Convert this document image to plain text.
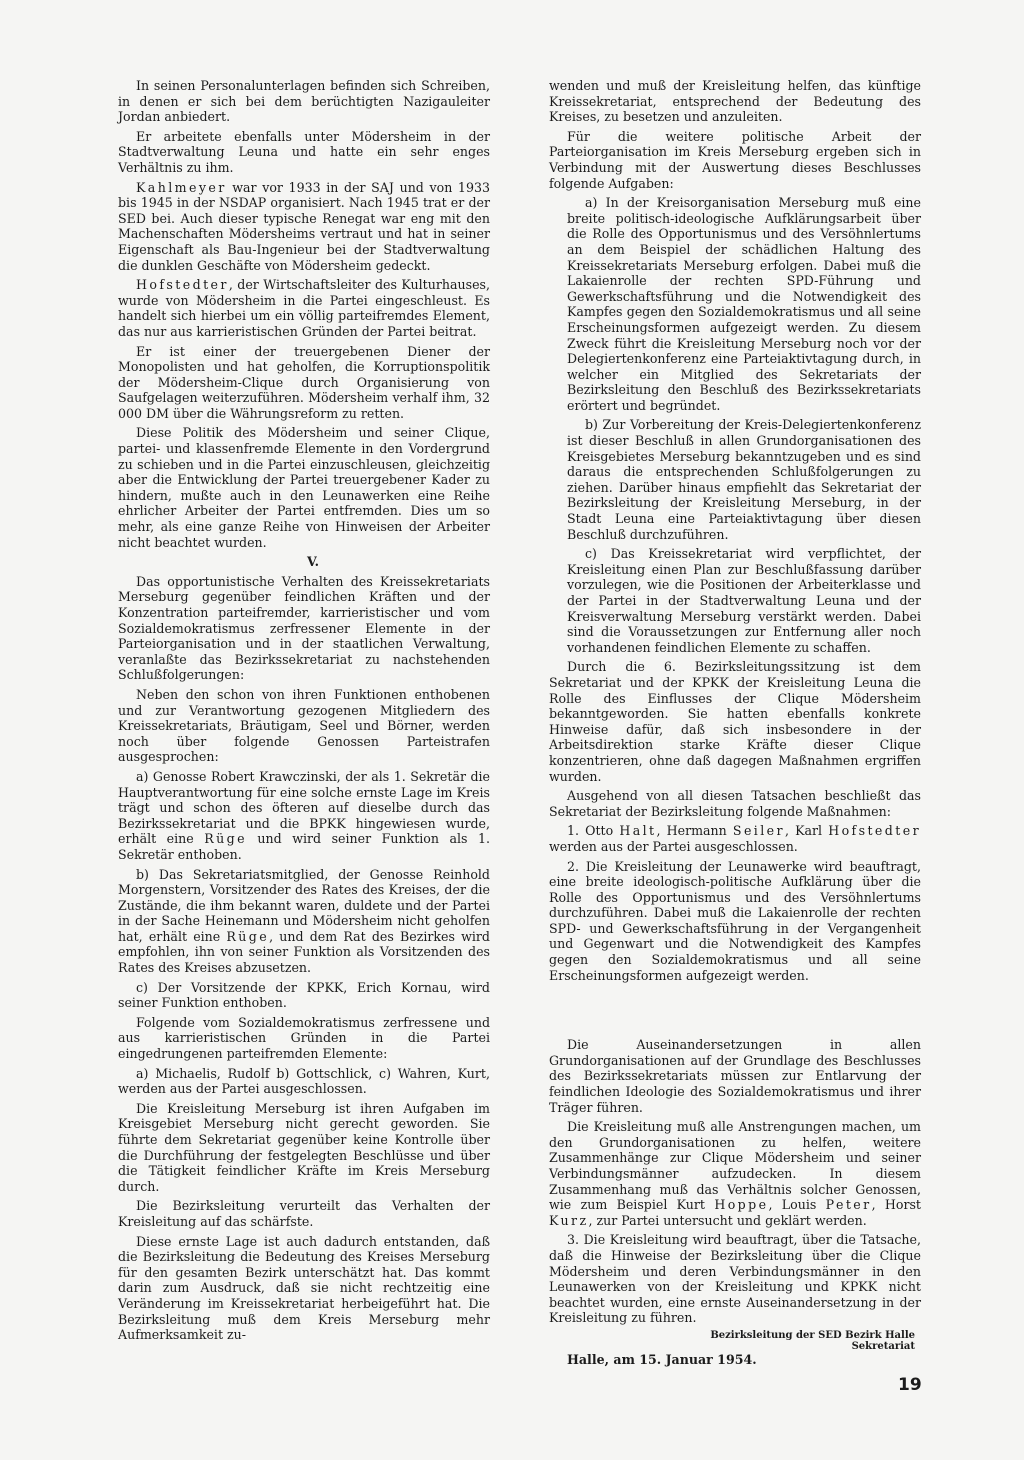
In seinen Personalunterlagen befinden sich Schreiben, in denen er sich bei dem berüchtigten Nazigauleiter Jordan anbiedert.

Er arbeitete ebenfalls unter Mödersheim in der Stadtverwaltung Leuna und hatte ein sehr enges Verhältnis zu ihm.

Kahlmeyer war vor 1933 in der SAJ und von 1933 bis 1945 in der NSDAP organisiert. Nach 1945 trat er der SED bei. Auch dieser typische Renegat war eng mit den Machenschaften Mödersheims vertraut und hat in seiner Eigenschaft als Bau-Ingenieur bei der Stadtverwaltung die dunklen Geschäfte von Mödersheim gedeckt.

Hofstedter, der Wirtschaftsleiter des Kulturhauses, wurde von Mödersheim in die Partei eingeschleust. Es handelt sich hierbei um ein völlig parteifremdes Element, das nur aus karrieristischen Gründen der Partei beitrat.

Er ist einer der treuergebenen Diener der Monopolisten und hat geholfen, die Korruptionspolitik der Mödersheim-Clique durch Organisierung von Saufgelagen weiterzuführen. Mödersheim verhalf ihm, 32 000 DM über die Währungsreform zu retten.

Diese Politik des Mödersheim und seiner Clique, partei- und klassenfremde Elemente in den Vordergrund zu schieben und in die Partei einzuschleusen, gleichzeitig aber die Entwicklung der Partei treuergebener Kader zu hindern, mußte auch in den Leunawerken eine Reihe ehrlicher Arbeiter der Partei entfremden. Dies um so mehr, als eine ganze Reihe von Hinweisen der Arbeiter nicht beachtet wurden.

V.

Das opportunistische Verhalten des Kreissekretariats Merseburg gegenüber feindlichen Kräften und der Konzentration parteifremder, karrieristischer und vom Sozialdemokratismus zerfressener Elemente in der Parteiorganisation und in der staatlichen Verwaltung, veranlaßte das Bezirkssekretariat zu nachstehenden Schlußfolgerungen:

Neben den schon von ihren Funktionen enthobenen und zur Verantwortung gezogenen Mitgliedern des Kreissekretariats, Bräutigam, Seel und Börner, werden noch über folgende Genossen Parteistrafen ausgesprochen:

a) Genosse Robert Krawczinski, der als 1. Sekretär die Hauptverantwortung für eine solche ernste Lage im Kreis trägt und schon des öfteren auf dieselbe durch das Bezirkssekretariat und die BPKK hingewiesen wurde, erhält eine Rüge und wird seiner Funktion als 1. Sekretär enthoben.

b) Das Sekretariatsmitglied, der Genosse Reinhold Morgenstern, Vorsitzender des Rates des Kreises, der die Zustände, die ihm bekannt waren, duldete und der Partei in der Sache Heinemann und Mödersheim nicht geholfen hat, erhält eine Rüge, und dem Rat des Bezirkes wird empfohlen, ihn von seiner Funktion als Vorsitzenden des Rates des Kreises abzusetzen.

c) Der Vorsitzende der KPKK, Erich Kornau, wird seiner Funktion enthoben.

Folgende vom Sozialdemokratismus zerfressene und aus karrieristischen Gründen in die Partei eingedrungenen parteifremden Elemente:

a) Michaelis, Rudolf b) Gottschlick, c) Wahren, Kurt, werden aus der Partei ausgeschlossen.

Die Kreisleitung Merseburg ist ihren Aufgaben im Kreisgebiet Merseburg nicht gerecht geworden. Sie führte dem Sekretariat gegenüber keine Kontrolle über die Durchführung der festgelegten Beschlüsse und über die Tätigkeit feindlicher Kräfte im Kreis Merseburg durch.

Die Bezirksleitung verurteilt das Verhalten der Kreisleitung auf das schärfste.

Diese ernste Lage ist auch dadurch entstanden, daß die Bezirksleitung die Bedeutung des Kreises Merseburg für den gesamten Bezirk unterschätzt hat. Das kommt darin zum Ausdruck, daß sie nicht rechtzeitig eine Veränderung im Kreissekretariat herbeigeführt hat. Die Bezirksleitung muß dem Kreis Merseburg mehr Aufmerksamkeit zu-

wenden und muß der Kreisleitung helfen, das künftige Kreissekretariat, entsprechend der Bedeutung des Kreises, zu besetzen und anzuleiten.

Für die weitere politische Arbeit der Parteiorganisation im Kreis Merseburg ergeben sich in Verbindung mit der Auswertung dieses Beschlusses folgende Aufgaben:

a) In der Kreisorganisation Merseburg muß eine breite politisch-ideologische Aufklärungsarbeit über die Rolle des Opportunismus und des Versöhnlertums an dem Beispiel der schädlichen Haltung des Kreissekretariats Merseburg erfolgen. Dabei muß die Lakaienrolle der rechten SPD-Führung und Gewerkschaftsführung und die Notwendigkeit des Kampfes gegen den Sozialdemokratismus und all seine Erscheinungsformen aufgezeigt werden. Zu diesem Zweck führt die Kreisleitung Merseburg noch vor der Delegiertenkonferenz eine Parteiaktivtagung durch, in welcher ein Mitglied des Sekretariats der Bezirksleitung den Beschluß des Bezirkssekretariats erörtert und begründet.

b) Zur Vorbereitung der Kreis-Delegiertenkonferenz ist dieser Beschluß in allen Grundorganisationen des Kreisgebietes Merseburg bekanntzugeben und es sind daraus die entsprechenden Schlußfolgerungen zu ziehen. Darüber hinaus empfiehlt das Sekretariat der Bezirksleitung der Kreisleitung Merseburg, in der Stadt Leuna eine Parteiaktivtagung über diesen Beschluß durchzuführen.

c) Das Kreissekretariat wird verpflichtet, der Kreisleitung einen Plan zur Beschlußfassung darüber vorzulegen, wie die Positionen der Arbeiterklasse und der Partei in der Stadtverwaltung Leuna und der Kreisverwaltung Merseburg verstärkt werden. Dabei sind die Voraussetzungen zur Entfernung aller noch vorhandenen feindlichen Elemente zu schaffen.

Durch die 6. Bezirksleitungssitzung ist dem Sekretariat und der KPKK der Kreisleitung Leuna die Rolle des Einflusses der Clique Mödersheim bekanntgeworden. Sie hatten ebenfalls konkrete Hinweise dafür, daß sich insbesondere in der Arbeitsdirektion starke Kräfte dieser Clique konzentrieren, ohne daß dagegen Maßnahmen ergriffen wurden.

Ausgehend von all diesen Tatsachen beschließt das Sekretariat der Bezirksleitung folgende Maßnahmen:

1. Otto Halt, Hermann Seiler, Karl Hofstedter werden aus der Partei ausgeschlossen.

2. Die Kreisleitung der Leunawerke wird beauftragt, eine breite ideologisch-politische Aufklärung über die Rolle des Opportunismus und des Versöhnlertums durchzuführen. Dabei muß die Lakaienrolle der rechten SPD- und Gewerkschaftsführung in der Vergangenheit und Gegenwart und die Notwendigkeit des Kampfes gegen den Sozialdemokratismus und all seine Erscheinungsformen aufgezeigt werden.

Die Auseinandersetzungen in allen Grundorganisationen auf der Grundlage des Beschlusses des Bezirkssekretariats müssen zur Entlarvung der feindlichen Ideologie des Sozialdemokratismus und ihrer Träger führen.

Die Kreisleitung muß alle Anstrengungen machen, um den Grundorganisationen zu helfen, weitere Zusammenhänge zur Clique Mödersheim und seiner Verbindungsmänner aufzudecken. In diesem Zusammenhang muß das Verhältnis solcher Genossen, wie zum Beispiel Kurt Hoppe, Louis Peter, Horst Kurz, zur Partei untersucht und geklärt werden.

3. Die Kreisleitung wird beauftragt, über die Tatsache, daß die Hinweise der Bezirksleitung über die Clique Mödersheim und deren Verbindungsmänner in den Leunawerken von der Kreisleitung und KPKK nicht beachtet wurden, eine ernste Auseinandersetzung in der Kreisleitung zu führen.

Bezirksleitung der SED Bezirk Halle
Sekretariat

Halle, am 15. Januar 1954.

19
